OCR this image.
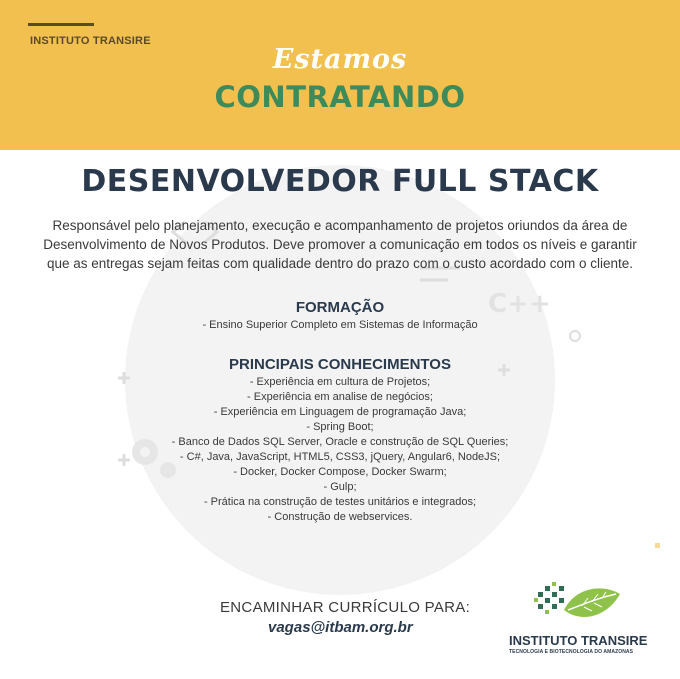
INSTITUTO TRANSIRE
Estamos
CONTRATANDO
C++
DESENVOLVEDOR FULL STACK
Responsável pelo planejamento, execução e acompanhamento de projetos oriundos da área de
Desenvolvimento de Novos Produtos. Deve promover a comunicação em todos os níveis e garantir
que as entregas sejam feitas com qualidade dentro do prazo com o custo acordado com o cliente.
FORMAÇÃO
- Ensino Superior Completo em Sistemas de Informação
PRINCIPAIS CONHECIMENTOS
- Experiência em cultura de Projetos;
- Experiência em analise de negócios;
- Experiência em Linguagem de programação Java;
- Spring Boot;
- Banco de Dados SQL Server, Oracle e construção de SQL Queries;
- C#, Java, JavaScript, HTML5, CSS3, jQuery, Angular6, NodeJS;
- Docker, Docker Compose, Docker Swarm;
- Gulp;
- Prática na construção de testes unitários e integrados;
- Construção de webservices.
ENCAMINHAR CURRÍCULO PARA:
vagas@itbam.org.br
INSTITUTO TRANSIRE
TECNOLOGIA E BIOTECNOLOGIA DO AMAZONAS
